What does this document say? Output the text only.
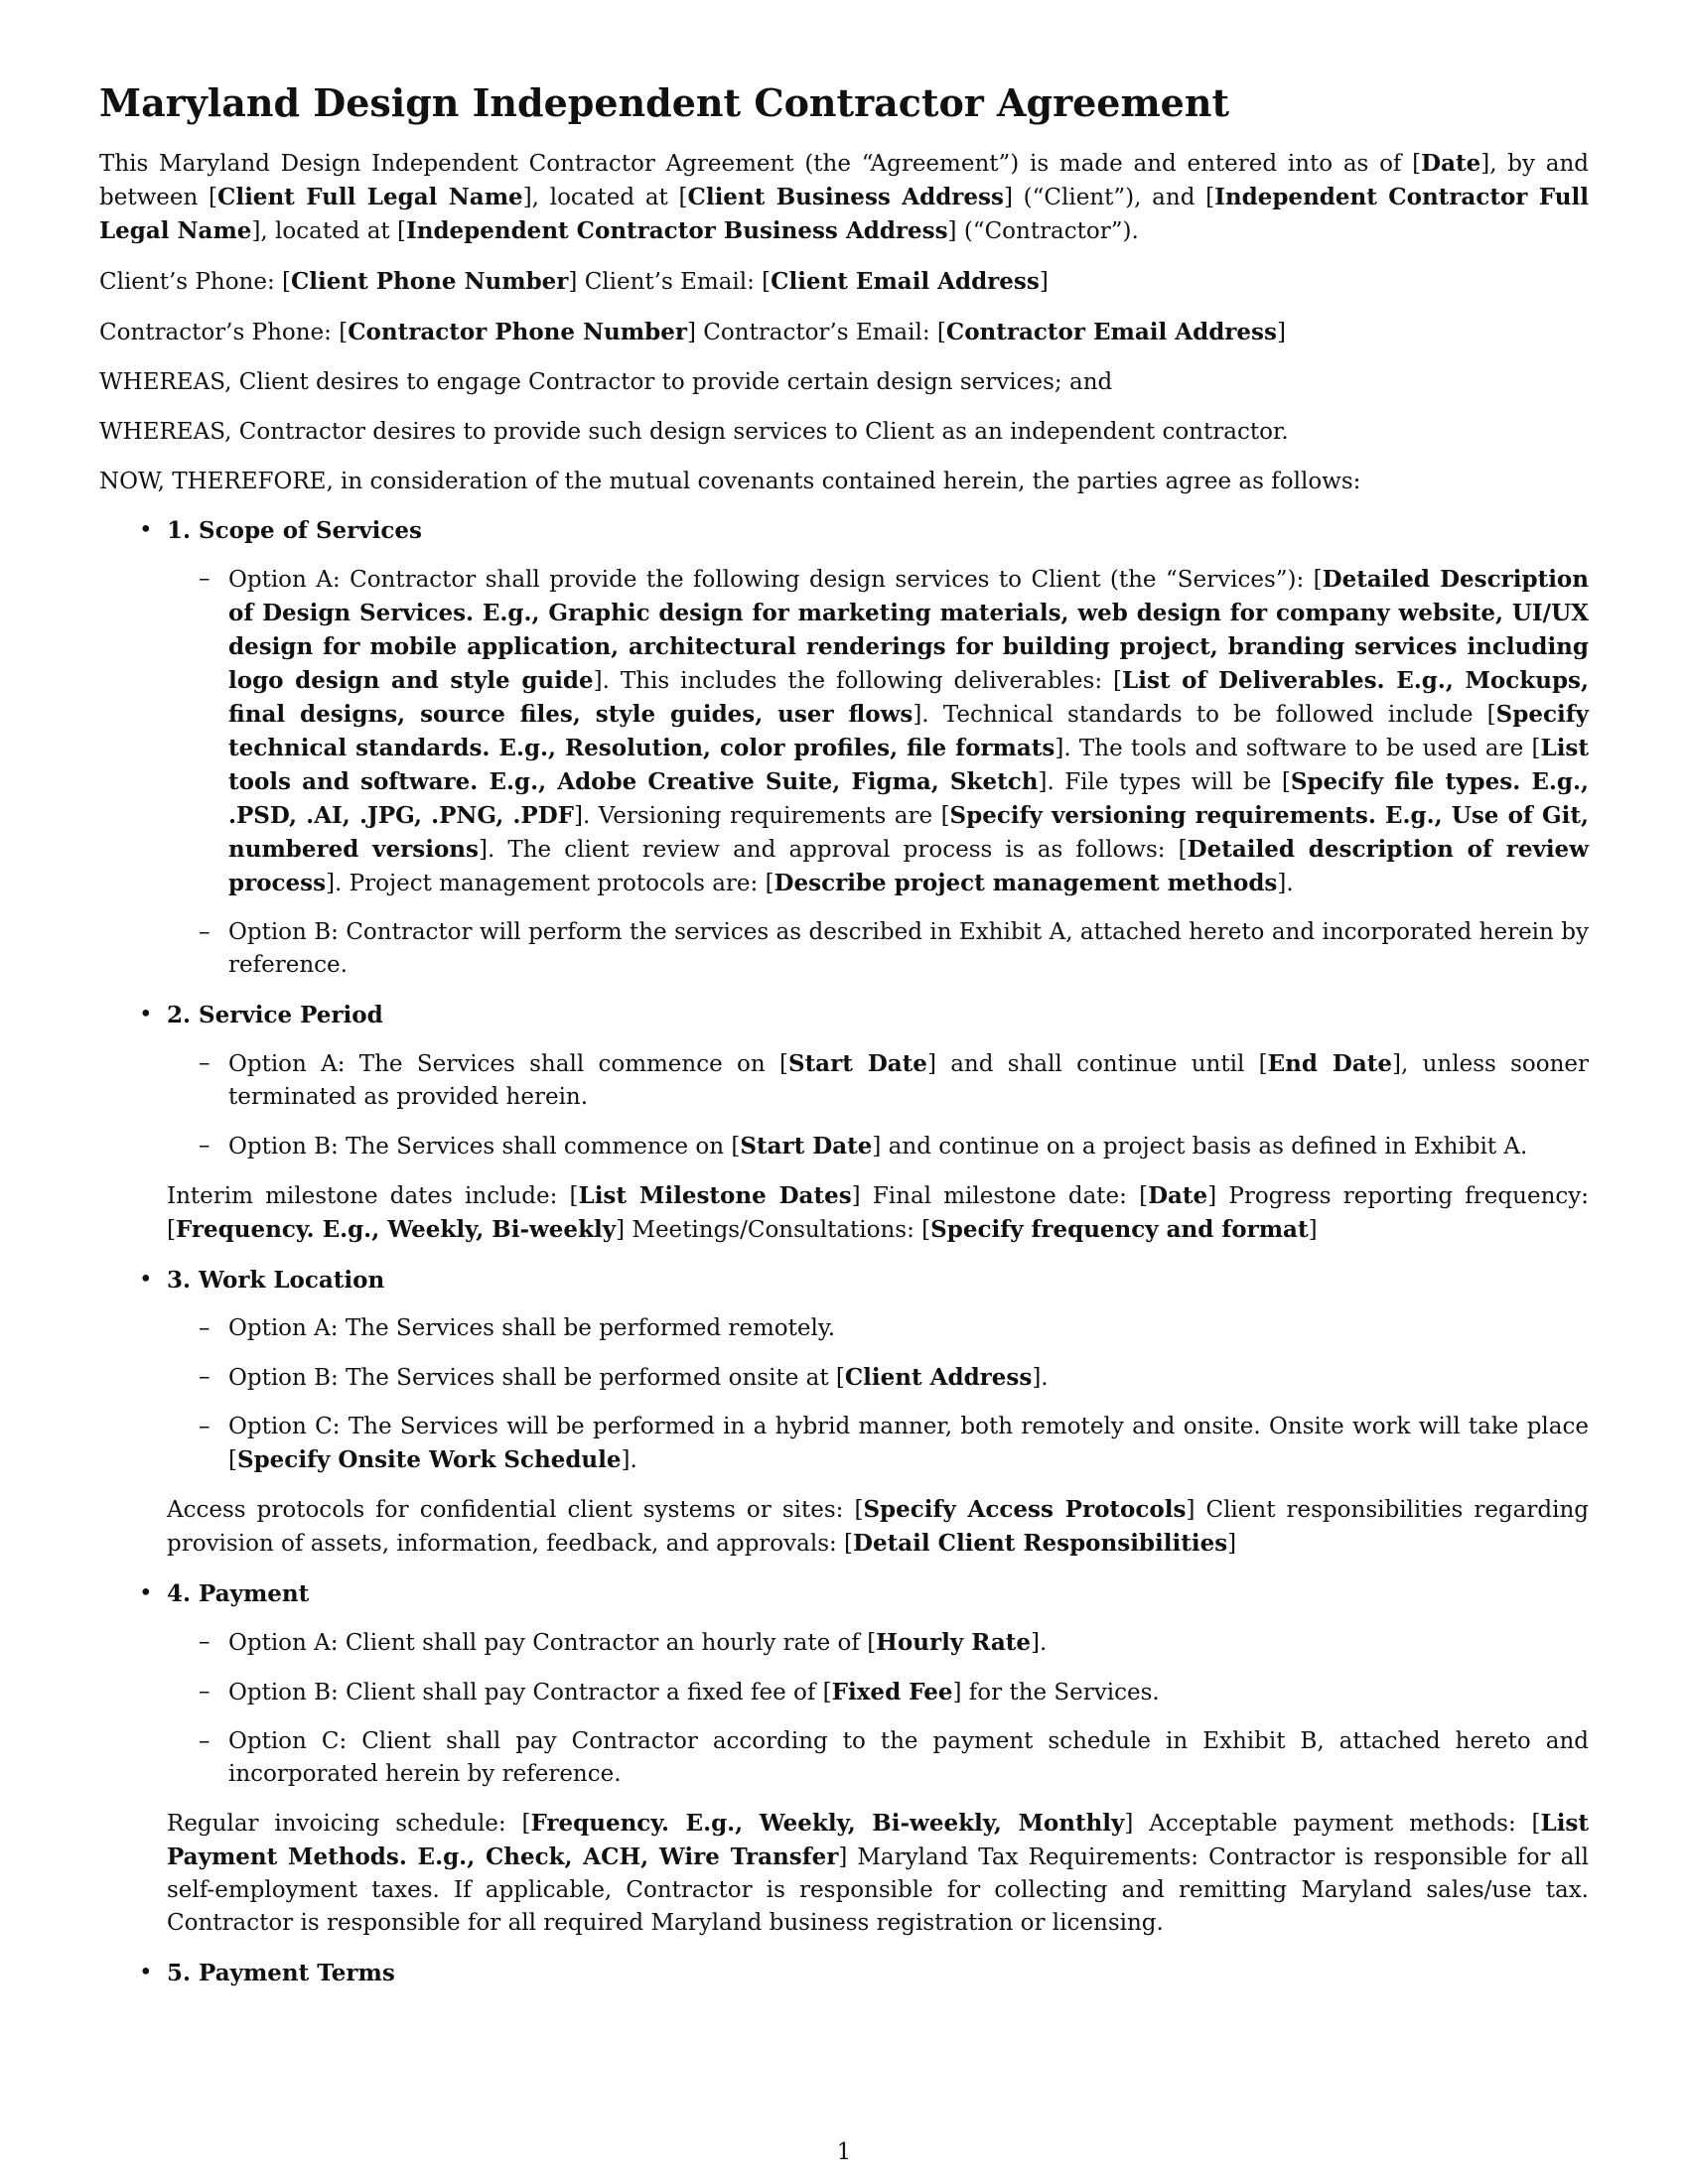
Maryland Design Independent Contractor Agreement

This Maryland Design Independent Contractor Agreement (the “Agreement”) is made and entered into as of [Date], by and between [Client Full Legal Name], located at [Client Business Address] (“Client”), and [Independent Contractor Full Legal Name], located at [Independent Contractor Business Address] (“Contractor”).

Client’s Phone: [Client Phone Number] Client’s Email: [Client Email Address]

Contractor’s Phone: [Contractor Phone Number] Contractor’s Email: [Contractor Email Address]

WHEREAS, Client desires to engage Contractor to provide certain design services; and

WHEREAS, Contractor desires to provide such design services to Client as an independent contractor.

NOW, THEREFORE, in consideration of the mutual covenants contained herein, the parties agree as follows:

• 1. Scope of Services
– Option A: Contractor shall provide the following design services to Client (the “Services”): [Detailed Description of Design Services. E.g., Graphic design for marketing materials, web design for company website, UI/UX design for mobile application, architectural renderings for building project, branding services including logo design and style guide]. This includes the following deliverables: [List of Deliverables. E.g., Mockups, final designs, source files, style guides, user flows]. Technical standards to be followed include [Specify technical standards. E.g., Resolution, color profiles, file formats]. The tools and software to be used are [List tools and software. E.g., Adobe Creative Suite, Figma, Sketch]. File types will be [Specify file types. E.g., .PSD, .AI, .JPG, .PNG, .PDF]. Versioning requirements are [Specify versioning requirements. E.g., Use of Git, numbered versions]. The client review and approval process is as follows: [Detailed description of review process]. Project management protocols are: [Describe project management methods].
– Option B: Contractor will perform the services as described in Exhibit A, attached hereto and incorporated herein by reference.
• 2. Service Period
– Option A: The Services shall commence on [Start Date] and shall continue until [End Date], unless sooner terminated as provided herein.
– Option B: The Services shall commence on [Start Date] and continue on a project basis as defined in Exhibit A.
Interim milestone dates include: [List Milestone Dates] Final milestone date: [Date] Progress reporting frequency: [Frequency. E.g., Weekly, Bi-weekly] Meetings/Consultations: [Specify frequency and format]
• 3. Work Location
– Option A: The Services shall be performed remotely.
– Option B: The Services shall be performed onsite at [Client Address].
– Option C: The Services will be performed in a hybrid manner, both remotely and onsite. Onsite work will take place [Specify Onsite Work Schedule].
Access protocols for confidential client systems or sites: [Specify Access Protocols] Client responsibilities regarding provision of assets, information, feedback, and approvals: [Detail Client Responsibilities]
• 4. Payment
– Option A: Client shall pay Contractor an hourly rate of [Hourly Rate].
– Option B: Client shall pay Contractor a fixed fee of [Fixed Fee] for the Services.
– Option C: Client shall pay Contractor according to the payment schedule in Exhibit B, attached hereto and incorporated herein by reference.
Regular invoicing schedule: [Frequency. E.g., Weekly, Bi-weekly, Monthly] Acceptable payment methods: [List Payment Methods. E.g., Check, ACH, Wire Transfer] Maryland Tax Requirements: Contractor is responsible for all self-employment taxes. If applicable, Contractor is responsible for collecting and remitting Maryland sales/use tax. Contractor is responsible for all required Maryland business registration or licensing.
• 5. Payment Terms
1
